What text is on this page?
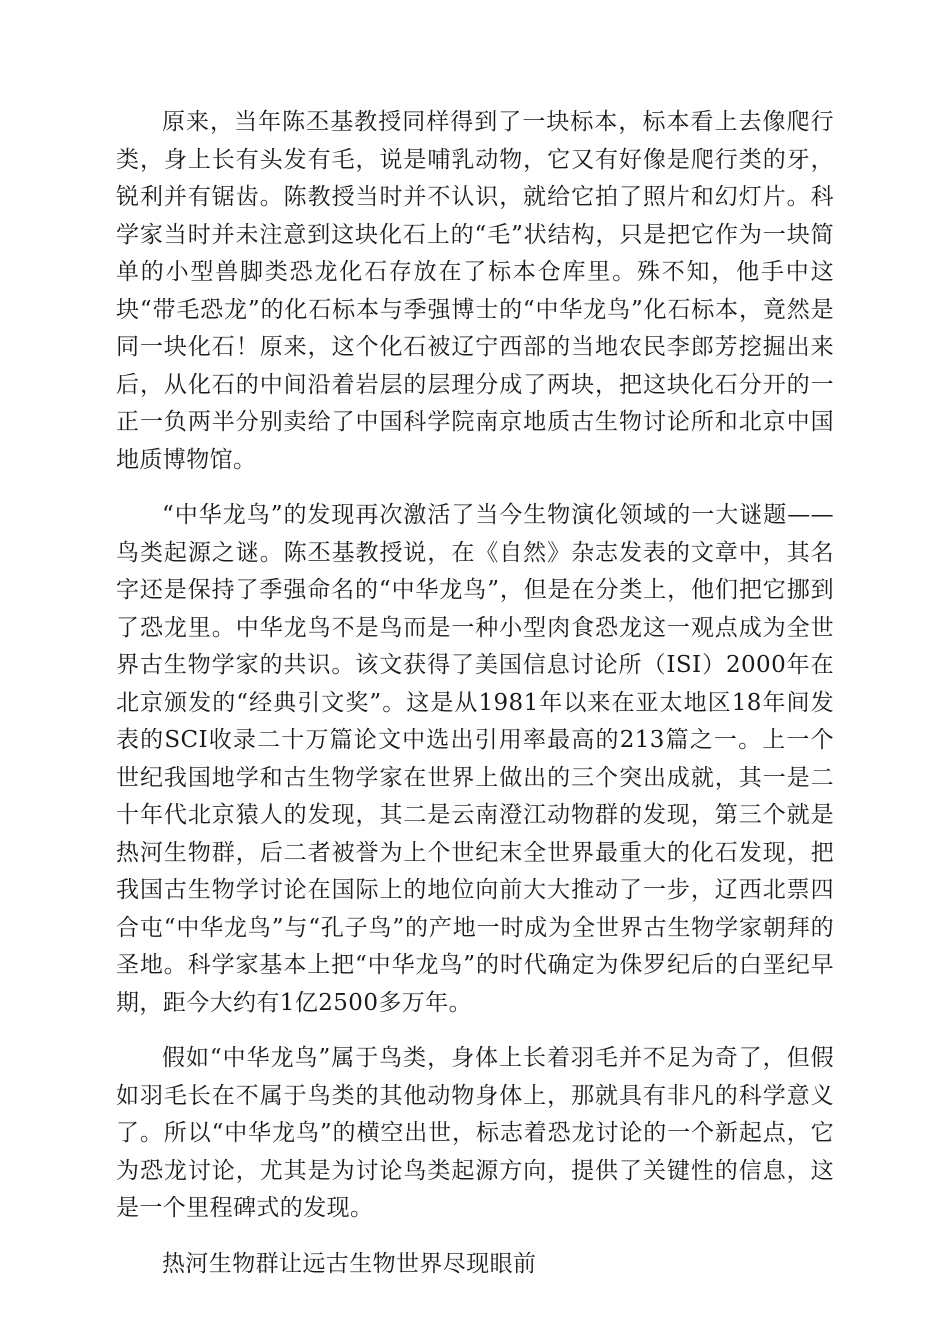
原来，当年陈丕基教授同样得到了一块标本，标本看上去像爬行类，身上长有头发有毛，说是哺乳动物，它又有好像是爬行类的牙，锐利并有锯齿。陈教授当时并不认识，就给它拍了照片和幻灯片。科学家当时并未注意到这块化石上的“毛”状结构，只是把它作为一块简单的小型兽脚类恐龙化石存放在了标本仓库里。殊不知，他手中这块“带毛恐龙”的化石标本与季强博士的“中华龙鸟”化石标本，竟然是同一块化石！原来，这个化石被辽宁西部的当地农民李郎芳挖掘出来后，从化石的中间沿着岩层的层理分成了两块，把这块化石分开的一正一负两半分别卖给了中国科学院南京地质古生物讨论所和北京中国地质博物馆。

“中华龙鸟”的发现再次激活了当今生物演化领域的一大谜题——鸟类起源之谜。陈丕基教授说，在《自然》杂志发表的文章中，其名字还是保持了季强命名的“中华龙鸟”，但是在分类上，他们把它挪到了恐龙里。中华龙鸟不是鸟而是一种小型肉食恐龙这一观点成为全世界古生物学家的共识。该文获得了美国信息讨论所（ISI）2000年在北京颁发的“经典引文奖”。这是从1981年以来在亚太地区18年间发表的SCI收录二十万篇论文中选出引用率最高的213篇之一。上一个世纪我国地学和古生物学家在世界上做出的三个突出成就，其一是二十年代北京猿人的发现，其二是云南澄江动物群的发现，第三个就是热河生物群，后二者被誉为上个世纪末全世界最重大的化石发现，把我国古生物学讨论在国际上的地位向前大大推动了一步，辽西北票四合屯“中华龙鸟”与“孔子鸟”的产地一时成为全世界古生物学家朝拜的圣地。科学家基本上把“中华龙鸟”的时代确定为侏罗纪后的白垩纪早期，距今大约有1亿2500多万年。

假如“中华龙鸟”属于鸟类，身体上长着羽毛并不足为奇了，但假如羽毛长在不属于鸟类的其他动物身体上，那就具有非凡的科学意义了。所以“中华龙鸟”的横空出世，标志着恐龙讨论的一个新起点，它为恐龙讨论，尤其是为讨论鸟类起源方向，提供了关键性的信息，这是一个里程碑式的发现。

热河生物群让远古生物世界尽现眼前
